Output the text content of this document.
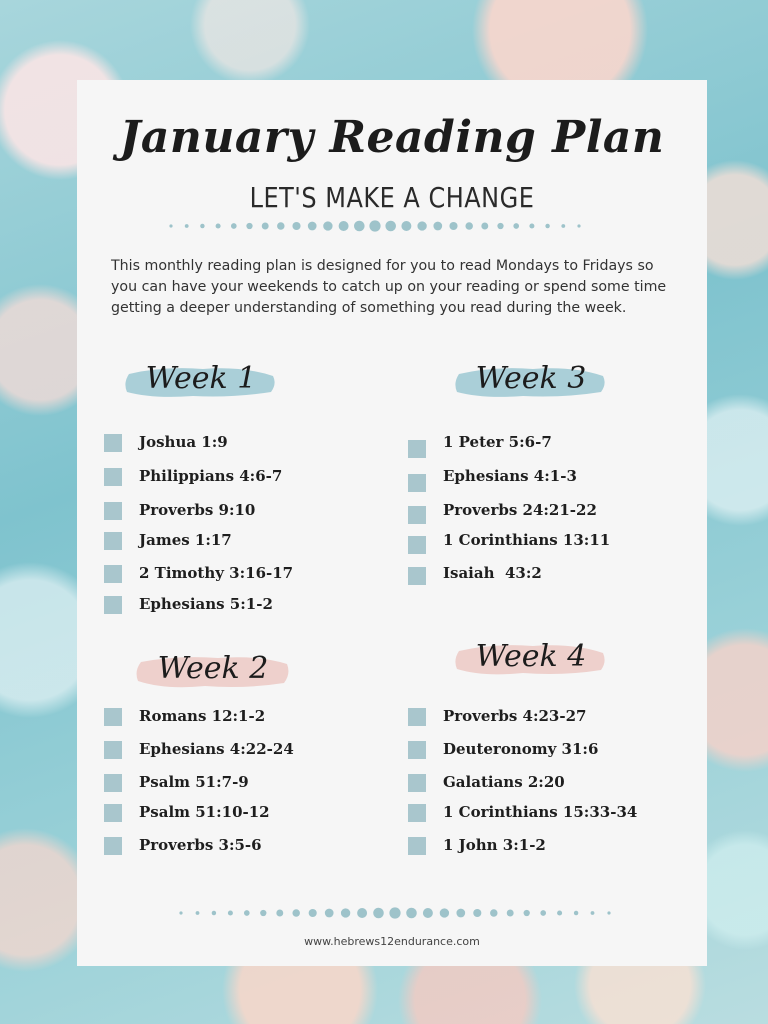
January Reading Plan

LET'S MAKE A CHANGE

This monthly reading plan is designed for you to read Mondays to Fridays so you can have your weekends to catch up on your reading or spend some time getting a deeper understanding of something you read during the week.

Week 1
Joshua 1:9
Philippians 4:6-7
Proverbs 9:10
James 1:17
2 Timothy 3:16-17
Ephesians 5:1-2
Week 3
1 Peter 5:6-7
Ephesians 4:1-3
Proverbs 24:21-22
1 Corinthians 13:11
Isaiah  43:2
Week 2
Romans 12:1-2
Ephesians 4:22-24
Psalm 51:7-9
Psalm 51:10-12
Proverbs 3:5-6
Week 4
Proverbs 4:23-27
Deuteronomy 31:6
Galatians 2:20
1 Corinthians 15:33-34
1 John 3:1-2

www.hebrews12endurance.com
